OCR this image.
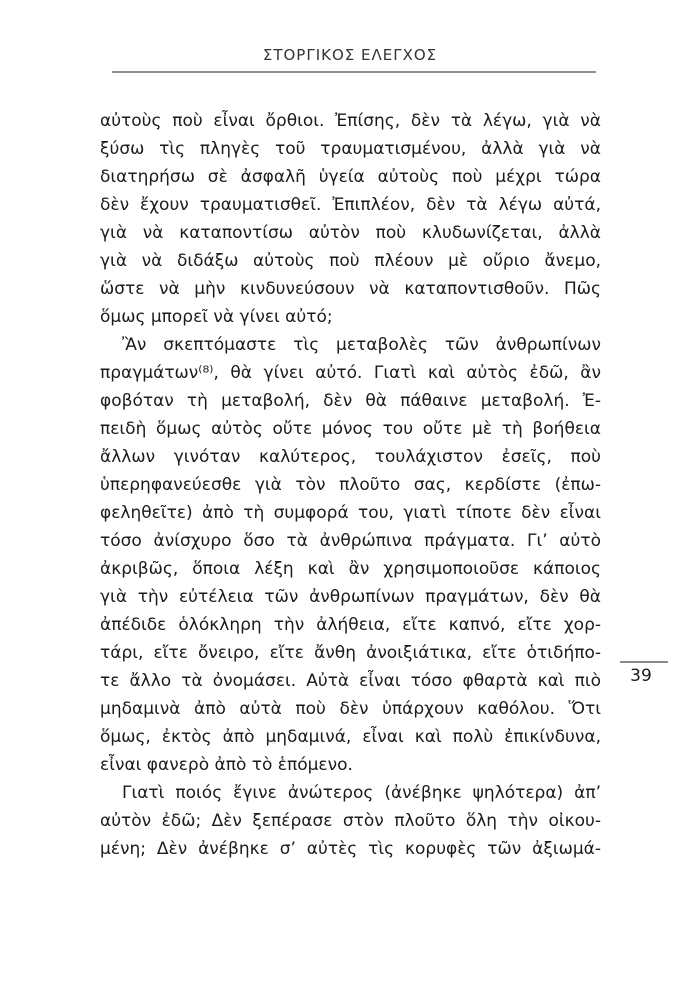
ΣΤΟΡΓΙΚΟΣ ΕΛΕΓΧΟΣ
αὐτοὺς ποὺ εἶναι ὄρθιοι. Ἐπίσης, δὲν τὰ λέγω, γιὰ νὰ
ξύσω τὶς πληγὲς τοῦ τραυματισμένου, ἀλλὰ γιὰ νὰ
διατηρήσω σὲ ἀσφαλῆ ὑγεία αὐτοὺς ποὺ μέχρι τώρα
δὲν ἔχουν τραυματισθεῖ. Ἐπιπλέον, δὲν τὰ λέγω αὐτά,
γιὰ νὰ καταποντίσω αὐτὸν ποὺ κλυδωνίζεται, ἀλλὰ
γιὰ νὰ διδάξω αὐτοὺς ποὺ πλέουν μὲ οὔριο ἄνεμο,
ὥστε νὰ μὴν κινδυνεύσουν νὰ καταποντισθοῦν. Πῶς
ὅμως μπορεῖ νὰ γίνει αὐτό;
Ἂν σκεπτόμαστε τὶς μεταβολὲς τῶν ἀνθρωπίνων
πραγμάτων⁽⁸⁾, θὰ γίνει αὐτό. Γιατὶ καὶ αὐτὸς ἐδῶ, ἂν
φοβόταν τὴ μεταβολή, δὲν θὰ πάθαινε μεταβολή. Ἐ-
πειδὴ ὅμως αὐτὸς οὔτε μόνος του οὔτε μὲ τὴ βοήθεια
ἄλλων γινόταν καλύτερος, τουλάχιστον ἐσεῖς, ποὺ
ὑπερηφανεύεσθε γιὰ τὸν πλοῦτο σας, κερδίστε (ἐπω-
φεληθεῖτε) ἀπὸ τὴ συμφορά του, γιατὶ τίποτε δὲν εἶναι
τόσο ἀνίσχυρο ὅσο τὰ ἀνθρώπινα πράγματα. Γι’ αὐτὸ
ἀκριβῶς, ὅποια λέξη καὶ ἂν χρησιμοποιοῦσε κάποιος
γιὰ τὴν εὐτέλεια τῶν ἀνθρωπίνων πραγμάτων, δὲν θὰ
ἀπέδιδε ὁλόκληρη τὴν ἀλήθεια, εἴτε καπνό, εἴτε χορ-
τάρι, εἴτε ὄνειρο, εἴτε ἄνθη ἀνοιξιάτικα, εἴτε ὁτιδήπο-
τε ἄλλο τὰ ὀνομάσει. Αὐτὰ εἶναι τόσο φθαρτὰ καὶ πιὸ
μηδαμινὰ ἀπὸ αὐτὰ ποὺ δὲν ὑπάρχουν καθόλου. Ὅτι
ὅμως, ἐκτὸς ἀπὸ μηδαμινά, εἶναι καὶ πολὺ ἐπικίνδυνα,
εἶναι φανερὸ ἀπὸ τὸ ἑπόμενο.
Γιατὶ ποιός ἔγινε ἀνώτερος (ἀνέβηκε ψηλότερα) ἀπ’
αὐτὸν ἐδῶ; Δὲν ξεπέρασε στὸν πλοῦτο ὅλη τὴν οἰκου-
μένη; Δὲν ἀνέβηκε σ’ αὐτὲς τὶς κορυφὲς τῶν ἀξιωμά-
39
